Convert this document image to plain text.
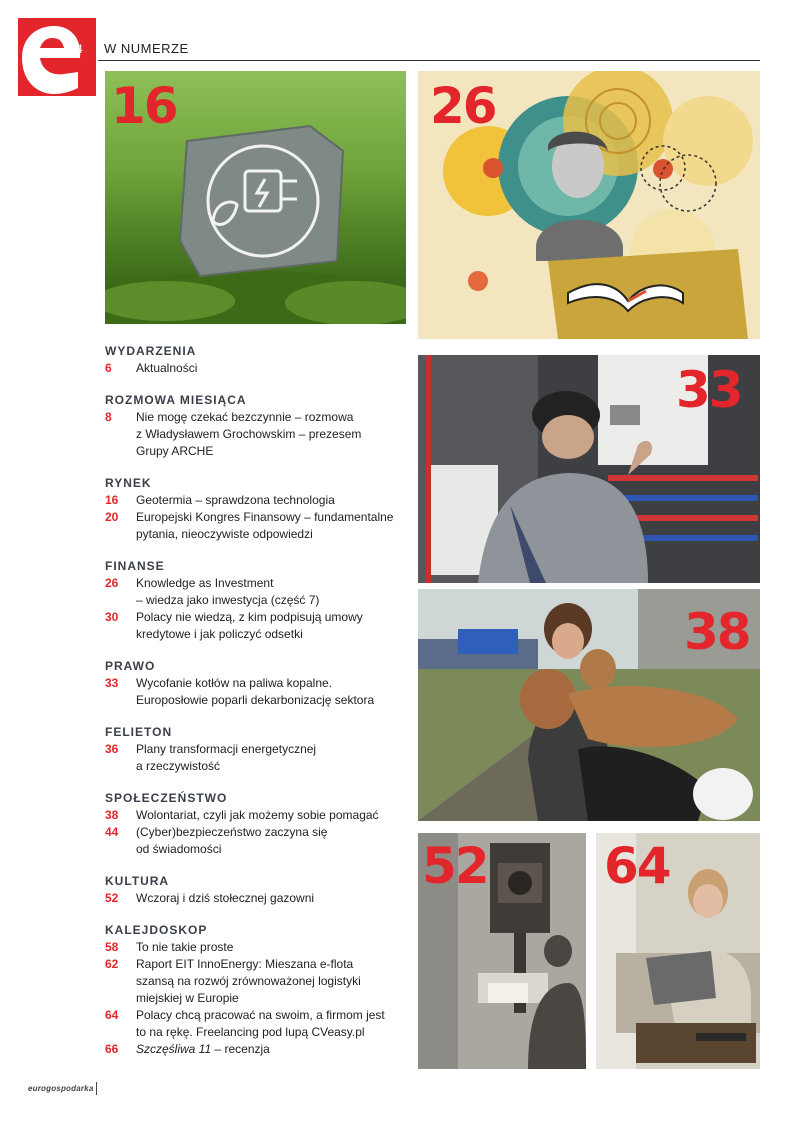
4 W NUMERZE
16	26
33
38
52 64
WYDARZENIA
6	Aktualności
ROZMOWA MIESIĄCA
8	Nie mogę czekać bezczynnie – rozmowa
z Władysławem Grochowskim – prezesem
Grupy ARCHE
RYNEK
16	Geotermia – sprawdzona technologia
20	Europejski Kongres Finansowy – fundamentalne
pytania, nieoczywiste odpowiedzi
FINANSE
26	Knowledge as Investment
– wiedza jako inwestycja (część 7)
30	Polacy nie wiedzą, z kim podpisują umowy
kredytowe i jak policzyć odsetki
PRAWO
33	Wycofanie kotłów na paliwa kopalne.
Europosłowie poparli dekarbonizację sektora
FELIETON
36	Plany transformacji energetycznej
a rzeczywistość
SPOŁECZEŃSTWO
38	Wolontariat, czyli jak możemy sobie pomagać
44	(Cyber)bezpieczeństwo zaczyna się
od świadomości
KULTURA
52	Wczoraj i dziś stołecznej gazowni
KALEJDOSKOP
58	To nie takie proste
62	Raport EIT InnoEnergy: Mieszana e-flota
szansą na rozwój zrównoważonej logistyki
miejskiej w Europie
64	Polacy chcą pracować na swoim, a firmom jest
to na rękę. Freelancing pod lupą CVeasy.pl
66	Szczęśliwa 11 – recenzja
eurogospodarka
